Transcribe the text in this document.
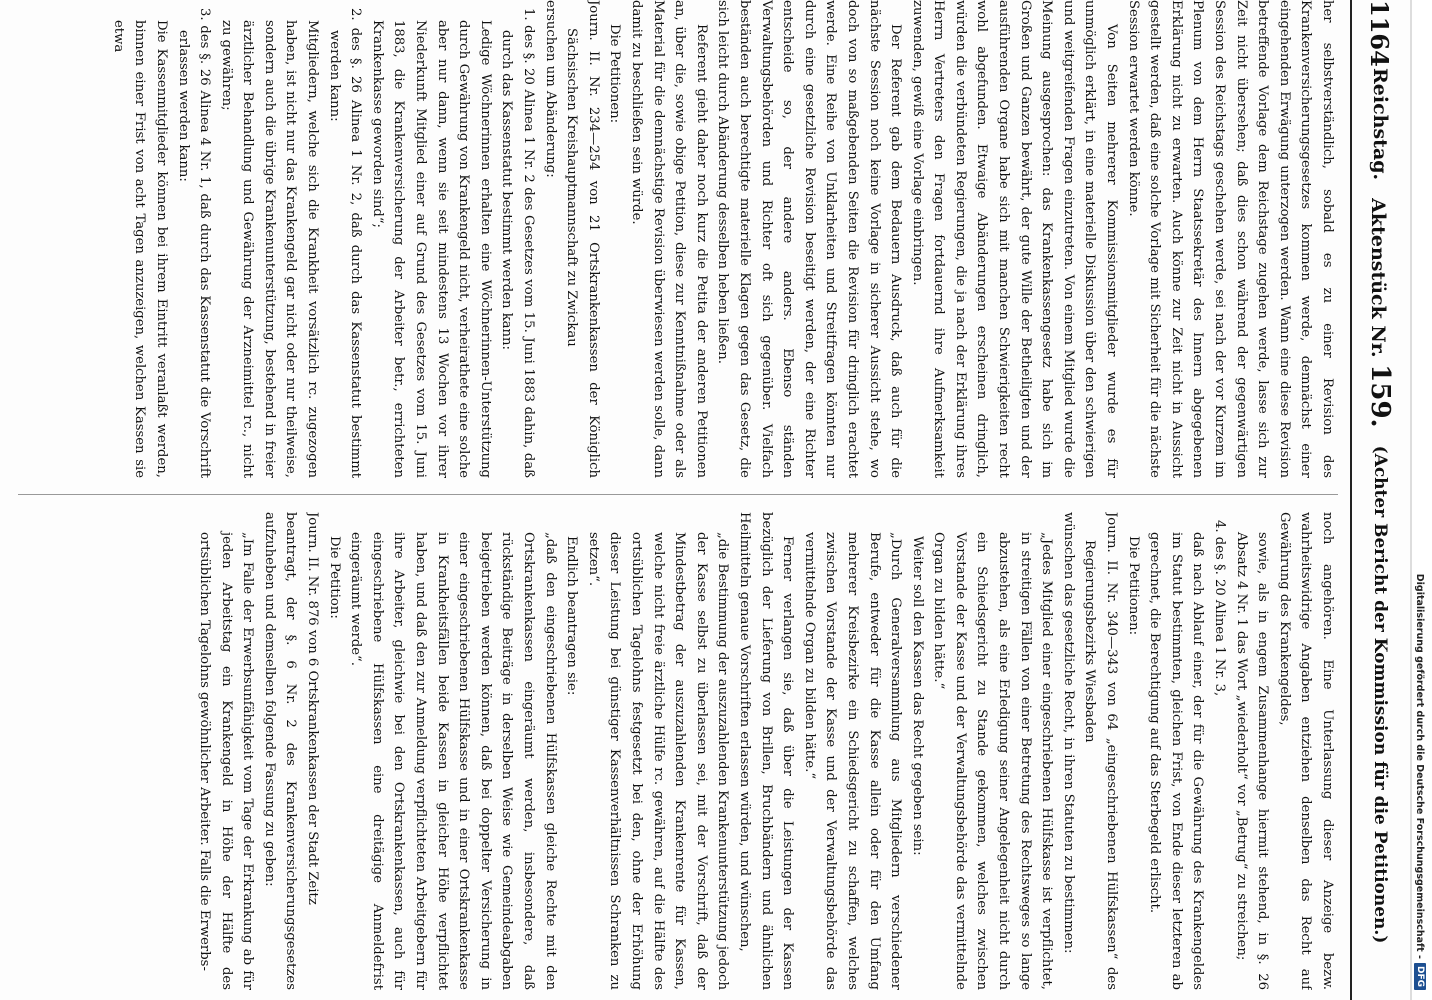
1164
Reichstag.
Aktenstück Nr. 159.
(Achter Bericht der Kommission für die Petitionen.)

her selbstverständlich, sobald es zu einer Revision des Krankenversicherungsgesetzes kommen werde, demnächst einer eingehenden Erwägung unterzogen werden. Wann eine diese Revision betreffende Vorlage dem Reichstage zugehen werde, lasse sich zur Zeit nicht übersehen; daß dies schon während der gegenwärtigen Session des Reichstags geschehen werde, sei nach der vor Kurzem im Plenum von dem Herrn Staatssekretär des Innern abgegebenen Erklärung nicht zu erwarten. Auch könne zur Zeit nicht in Aussicht gestellt werden, daß eine solche Vorlage mit Sicherheit für die nächste Session erwartet werden könne.

Von Seiten mehrerer Kommissionsmitglieder wurde es für unmöglich erklärt, in eine materielle Diskussion über den schwierigen und weitgreifenden Fragen einzutreten. Von einem Mitglied wurde die Meinung ausgesprochen: das Krankenkassengesetz habe sich im Großen und Ganzen bewährt, der gute Wille der Betheiligten und der ausführenden Organe habe sich mit manchen Schwierigkeiten recht wohl abgefunden. Etwaige Abänderungen erscheinen dringlich, würden die verbündeten Regierungen, die ja nach der Erklärung ihres Herrn Vertreters den Fragen fortdauernd ihre Aufmerksamkeit zuwenden, gewiß eine Vorlage einbringen.

Der Referent gab dem Bedauern Ausdruck, daß auch für die nächste Session noch keine Vorlage in sicherer Aussicht stehe, wo doch von so maßgebenden Seiten die Revision für dringlich erachtet werde. Eine Reihe von Unklarheiten und Streitfragen könnten nur durch eine gesetzliche Revision beseitigt werden, der eine Richter entscheide so, der andere anders. Ebenso ständen Verwaltungsbehörden und Richter oft sich gegenüber. Vielfach beständen auch berechtigte materielle Klagen gegen das Gesetz, die sich leicht durch Abänderung desselben heben ließen.

Referent gieht daher noch kurz die Petita der anderen Petitionen an, über die, sowie obige Petition, diese zur Kenntnißnahme oder als Material für die demnächstige Revision überwiesen werden solle, dann damit zu beschließen sein würde.

Die Petitionen:

Journ. II. Nr. 234—254 von 21 Ortskrankenkassen der Königlich Sächsischen Kreishauptmannschaft zu Zwickau

ersuchen um Abänderung:

1. des §. 20 Alinea 1 Nr. 2 des Gesetzes vom 15. Juni 1883 dahin, daß durch das Kassenstatut bestimmt werden kann:

Ledige Wöchnerinnen erhalten eine Wöchnerinnen-Unterstützung durch Gewährung von Krankengeld nicht, verheirathete eine solche aber nur dann, wenn sie seit mindestens 13 Wochen vor ihrer Niederkunft Mitglied einer auf Grund des Gesetzes vom 15. Juni 1883, die Krankenversicherung der Arbeiter betr., errichteten Krankenkasse geworden sind“;

2. des §. 26 Alinea 1 Nr. 2, daß durch das Kassenstatut bestimmt werden kann:

Mitgliedern, welche sich die Krankheit vorsätzlich rc. zugezogen haben, ist nicht nur das Krankengeld gar nicht oder nur theilweise, sondern auch die übrige Krankenunterstützung, bestehend in freier ärztlicher Behandlung und Gewährung der Arzneimittel rc., nicht zu gewähren;

3. des §. 26 Alinea 4 Nr. 1, daß durch das Kassenstatut die Vorschrift erlassen werden kann:

Die Kassenmitglieder können bei ihrem Eintritt veranlaßt werden, binnen einer Frist von acht Tagen anzuzeigen, welchen Kassen sie etwa

noch angehören. Eine Unterlassung dieser Anzeige bezw. wahrheitswidrige Angaben entziehen denselben das Recht auf Gewährung des Krankengeldes,

sowie, als in engem Zusammenhange hiermit stehend, in §. 26 Absatz 4 Nr. 1 das Wort „wiederholt“ vor „Betrug“ zu streichen;

4. des §. 20 Alinea 1 Nr. 3,

daß nach Ablauf einer, der für die Gewährung des Krankengeldes im Statut bestimmten, gleichen Frist, von Ende dieser letzteren ab gerechnet, die Berechtigung auf das Sterbegeld erlischt.

Die Petitionen:

Journ. II. Nr. 340—343 von 64 „eingeschriebenen Hülfskassen“ des Regierungsbezirks Wiesbaden

wünschen das gesetzliche Recht, in ihren Statuten zu bestimmen:

„Jedes Mitglied einer eingeschriebenen Hülfskasse ist verpflichtet, in streitigen Fällen von einer Betretung des Rechtsweges so lange abzustehen, als eine Erledigung seiner Angelegenheit nicht durch ein Schiedsgericht zu Stande gekommen, welches zwischen Vorstande der Kasse und der Verwaltungsbehörde das vermittelnde Organ zu bilden hätte.“

Weiter soll den Kassen das Recht gegeben sein:

„Durch Generalversammlung aus Mitgliedern verschiedener Berufe, entweder für die Kasse allein oder für den Umfang mehrerer Kreisbezirke ein Schiedsgericht zu schaffen, welches zwischen Vorstande der Kasse und der Verwaltungsbehörde das vermittelnde Organ zu bilden hätte.“

Ferner verlangen sie, daß über die Leistungen der Kassen bezüglich der Lieferung von Brillen, Bruchbändern und ähnlichen Heilmitteln genaue Vorschriften erlassen würden, und wünschen,

„die Bestimmung der auszuzahlenden Krankenunterstützung jedoch der Kasse selbst zu überlassen sei, mit der Vorschrift, daß der Mindestbetrag der auszuzahlenden Krankenrente für Kassen, welche nicht freie ärztliche Hülfe rc. gewähren, auf die Hälfte des ortsüblichen Tagelohns festgesetzt bei den, ohne der Erhöhung dieser Leistung bei günstiger Kassenverhältnissen Schranken zu setzen“.

Endlich beantragen sie:

„daß den eingeschriebenen Hülfskassen gleiche Rechte mit den Ortskrankenkassen eingeräumt werden, insbesondere, daß rückständige Beiträge in derselben Weise wie Gemeindeabgaben beigetrieben werden können, daß bei doppelter Versicherung in einer eingeschriebenen Hülfskasse und in einer Ortskrankenkasse in Krankheitsfällen beide Kassen in gleicher Höhe verpflichtet haben, und daß den zur Anmeldung verpflichteten Arbeitgebern für ihre Arbeiter, gleichwie bei den Ortskrankenkassen, auch für eingeschriebene Hülfskassen eine dreitägige Anmeldefrist eingeräumt werde“.

Die Petition:

Journ. II. Nr. 876 von 6 Ortskrankenkassen der Stadt Zeitz

beantragt, der §. 6 Nr. 2 des Krankenversicherungsgesetzes aufzuheben und demselben folgende Fassung zu geben:

„Im Falle der Erwerbsunfähigkeit vom Tage der Erkrankung ab für jeden Arbeitstag ein Krankengeld in Höhe der Hälfte des ortsüblichen Tagelohns gewöhnlicher Arbeiter. Falls die Erwerbs-	Digitalisierung gefördert durch die Deutsche Forschungsgemeinschaft -
DFG
